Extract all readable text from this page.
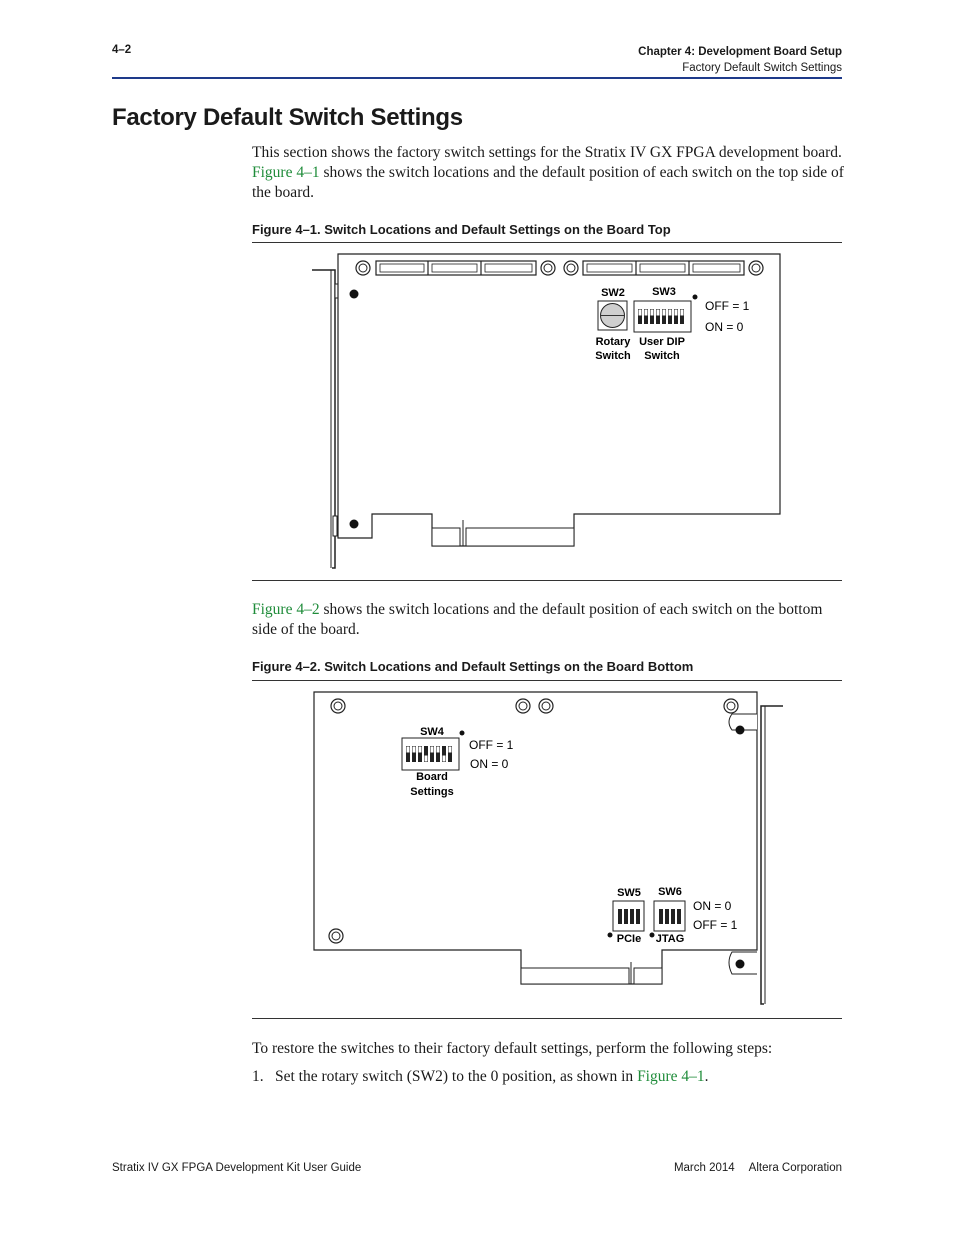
4–2	Chapter 4: Development Board Setup
Factory Default Switch Settings
Factory Default Switch Settings

This section shows the factory switch settings for the Stratix IV GX FPGA development board. Figure 4–1 shows the switch locations and the default position of each switch on the top side of the board.

Figure 4–1. Switch Locations and Default Settings on the Board Top
SW2
Rotary
Switch
SW3
User DIP
Switch
OFF = 1
ON = 0

Figure 4–2 shows the switch locations and the default position of each switch on the bottom side of the board.

Figure 4–2. Switch Locations and Default Settings on the Board Bottom
SW4
Board
Settings
OFF = 1
ON = 0
SW5
PCIe
SW6
JTAG
ON = 0
OFF = 1

To restore the switches to their factory default settings, perform the following steps:

1. Set the rotary switch (SW2) to the 0 position, as shown in Figure 4–1.

Stratix IV GX FPGA Development Kit User Guide	March 2014 Altera Corporation
